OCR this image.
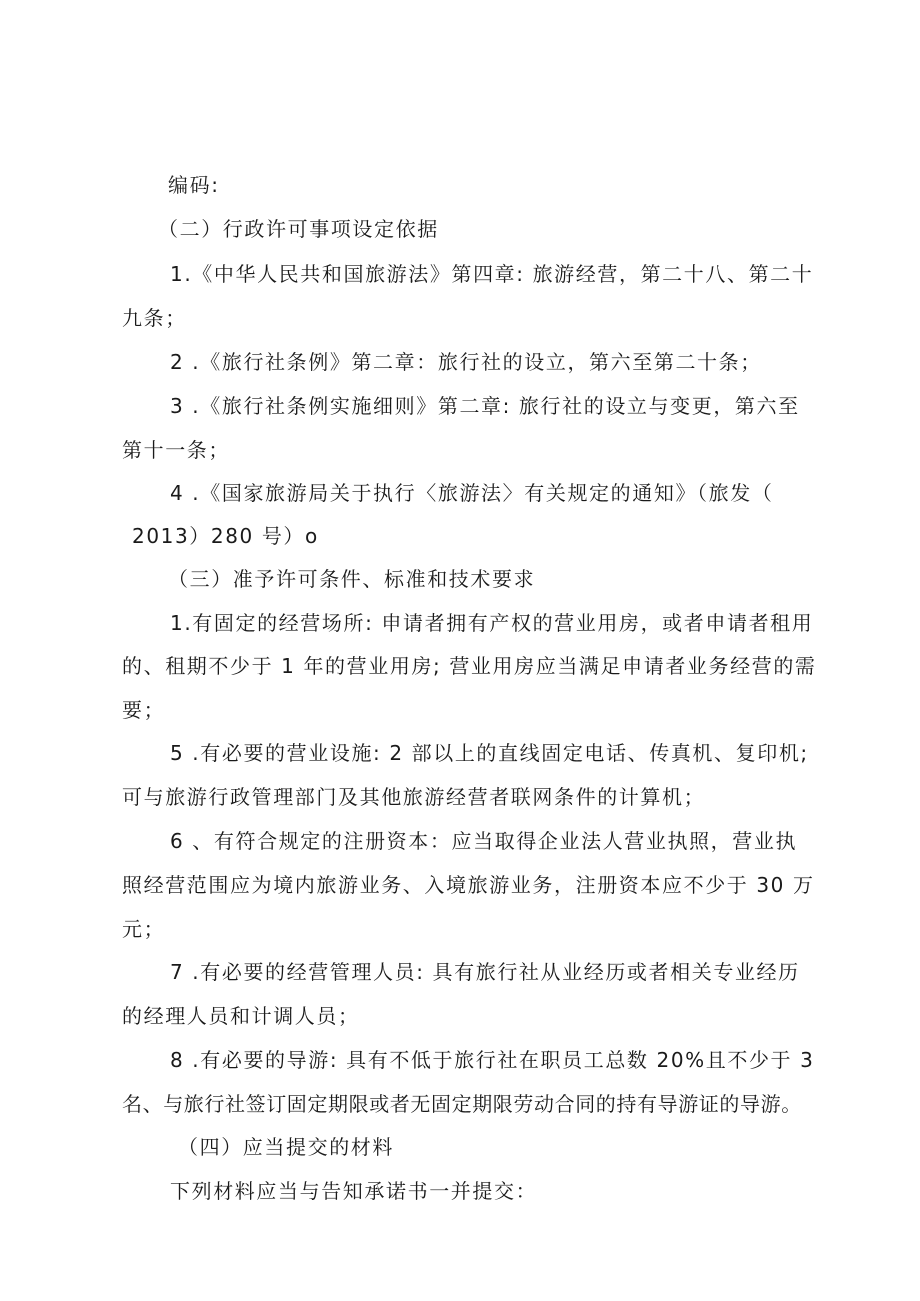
编码:
（二）行政许可事项设定依据
1.《中华人民共和国旅游法》第四章: 旅游经营，第二十八、第二十
九条；
2 .《旅行社条例》第二章：旅行社的设立，第六至第二十条；
3 .《旅行社条例实施细则》第二章: 旅行社的设立与变更，第六至
第十一条；
4 .《国家旅游局关于执行〈旅游法〉有关规定的通知》（旅发（
2013）280 号）o
（三）准予许可条件、标准和技术要求
1.有固定的经营场所: 申请者拥有产权的营业用房，或者申请者租用
的、租期不少于 1 年的营业用房; 营业用房应当满足申请者业务经营的需
要；
5 .有必要的营业设施: 2 部以上的直线固定电话、传真机、复印机;
可与旅游行政管理部门及其他旅游经营者联网条件的计算机；
6 、有符合规定的注册资本：应当取得企业法人营业执照，营业执
照经营范围应为境内旅游业务、入境旅游业务，注册资本应不少于 30 万
元；
7 .有必要的经营管理人员: 具有旅行社从业经历或者相关专业经历
的经理人员和计调人员；
8 .有必要的导游: 具有不低于旅行社在职员工总数 20%且不少于 3
名、与旅行社签订固定期限或者无固定期限劳动合同的持有导游证的导游。
（四）应当提交的材料
下列材料应当与告知承诺书一并提交：
